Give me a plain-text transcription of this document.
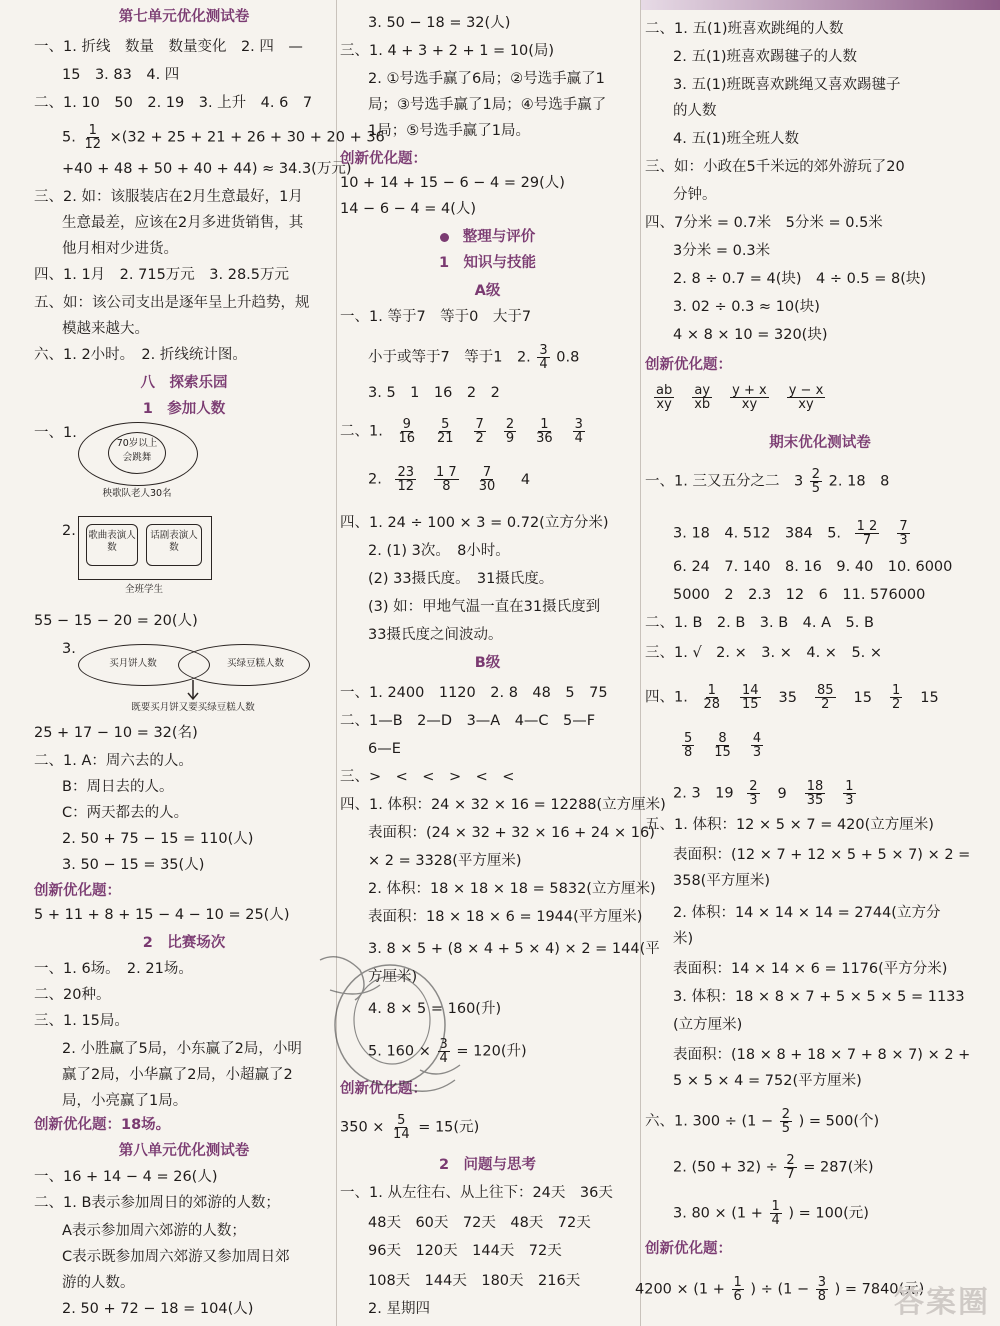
第七单元优化测试卷
一、1. 折线　数量　数量变化　2. 四　—
15　3. 83　4. 四
二、1. 10　50　2. 19　3. 上升　4. 6　7
5. $\frac{1}{12} \times(32 + 25 + 21 + 26 + 30 + 20 + 36$
+40 + 48 + 50 + 40 + 44) ≈ 34.3(万元)
三、2. 如：该服装店在2月生意最好，1月
生意最差，应该在2月多进货销售，其
他月相对少进货。
四、1. 1月　2. 715万元　3. 28.5万元
五、如：该公司支出是逐年呈上升趋势，规
模越来越大。
六、1. 2小时。　2. 折线统计图。
八　探索乐园
1　参加人数
一、1.
70岁以上
会跳舞
秧歌队老人30名
2. 歌曲表演人数
话剧表演人数
全班学生
55 − 15 − 20 = 20(人)
3.
买月饼人数	买绿豆糕人数
既要买月饼又要买绿豆糕人数
25 + 17 − 10 = 32(名)
二、1. A：周六去的人。
B：周日去的人。
C：两天都去的人。
2. 50 + 75 − 15 = 110(人)
3. 50 − 15 = 35(人)
创新优化题：
5 + 11 + 8 + 15 − 4 − 10 = 25(人)
2　比赛场次
一、1. 6场。　2. 21场。
二、20种。
三、1. 15局。
2. 小胜赢了5局，小东赢了2局，小明
赢了2局，小华赢了2局，小超赢了2
局，小亮赢了1局。
创新优化题：18场。
第八单元优化测试卷
一、16 + 14 − 4 = 26(人)
二、1. B表示参加周日的郊游的人数；
A表示参加周六郊游的人数；
C表示既参加周六郊游又参加周日郊
游的人数。
2. 50 + 72 − 18 = 104(人)
3. 50 − 18 = 32(人)
三、1. 4 + 3 + 2 + 1 = 10(局)
2. ①号选手赢了6局；②号选手赢了1
局；③号选手赢了1局；④号选手赢了
1局；⑤号选手赢了1局。
创新优化题：
10 + 14 + 15 − 6 − 4 = 29(人)
14 − 6 − 4 = 4(人)
整理与评价
1　知识与技能
A级
一、1. 等于7　等于0　大于7
小于或等于7　等于1　2. $\frac{3}{4} 0.8$
3. 5　1　16　2　2
二、1. $\frac{9}{16} \frac{5}{21} \frac{7}{2} \frac{2}{9} \frac{1}{36} \frac{3}{4}$
2. $\frac{23}{12} \frac{1 7}{8} \frac{7}{30} 4$
四、1. 24 ÷ 100 × 3 = 0.72(立方分米)
2. (1) 3次。　8小时。
(2) 33摄氏度。　31摄氏度。
(3) 如：甲地气温一直在31摄氏度到
33摄氏度之间波动。
B级
一、1. 2400　1120　2. 8　48　5　75
二、1—B　2—D　3—A　4—C　5—F
6—E
三、>　<　<　>　<　<
四、1. 体积：24 × 32 × 16 = 12288(立方厘米)
表面积：(24 × 32 + 32 × 16 + 24 × 16)
× 2 = 3328(平方厘米)
2. 体积：18 × 18 × 18 = 5832(立方厘米)
表面积：18 × 18 × 6 = 1944(平方厘米)
3. 8 × 5 + (8 × 4 + 5 × 4) × 2 = 144(平
方厘米)
4. 8 × 5 = 160(升)
5. $160 \times \frac{3}{4} = 120$(升)
创新优化题：
$350 \times \frac{5}{14} = 15$(元)
2　问题与思考
一、1. 从左往右、从上往下：24天　36天
48天　60天　72天　48天　72天
96天　120天　144天　72天
108天　144天　180天　216天
2. 星期四
二、1. 五(1)班喜欢跳绳的人数
2. 五(1)班喜欢踢毽子的人数
3. 五(1)班既喜欢跳绳又喜欢踢毽子
的人数
4. 五(1)班全班人数
三、如：小政在5千米远的郊外游玩了20
分钟。
四、7分米 = 0.7米　5分米 = 0.5米
3分米 = 0.3米
2. 8 ÷ 0.7 = 4(块)　4 ÷ 0.5 = 8(块)
3. 02 ÷ 0.3 ≈ 10(块)
4 × 8 × 10 = 320(块)
创新优化题：
$\frac{ab}{xy} \frac{ay}{xb} \frac{y + x}{xy} \frac{y - x}{xy}$
期末优化测试卷
一、1. 三又五分之二　$3 \frac{2}{5} 2$. 18　8
3. 18　4. 512　384　5. $\frac{1 2}{7} \frac{7}{3}$
6. 24　7. 140　8. 16　9. 40　10. 6000
5000　2　2.3　12　6　11. 576000
二、1. B　2. B　3. B　4. A　5. B
三、1. √　2. ×　3. ×　4. ×　5. ×
四、1. $\frac{1}{28} \frac{14}{15} 35 \frac{85}{2} 15 \frac{1}{2} 15$
$\frac{5}{8} \frac{8}{15} \frac{4}{3}$
2. 3　$19 \frac{2}{3} 9 \frac{18}{35} \frac{1}{3}$
五、1. 体积：12 × 5 × 7 = 420(立方厘米)
表面积：(12 × 7 + 12 × 5 + 5 × 7) × 2 =
358(平方厘米)
2. 体积：14 × 14 × 14 = 2744(立方分
米)
表面积：14 × 14 × 6 = 1176(平方分米)
3. 体积：18 × 8 × 7 + 5 × 5 × 5 = 1133
(立方厘米)
表面积：(18 × 8 + 18 × 7 + 8 × 7) × 2 +
5 × 5 × 4 = 752(平方厘米)
六、1. $300 \div (1 - \frac{2}{5}$ ) = 500(个)
2. $(50 + 32) \div \frac{2}{7} = 287$(米)
3. $80 \times (1 + \frac{1}{4}$ ) = 100(元)
创新优化题：
$4200 \times (1 + \frac{1}{6}$ ) ÷ ($1 - \frac{3}{8}$ ) = 7840(元)
答案圈
